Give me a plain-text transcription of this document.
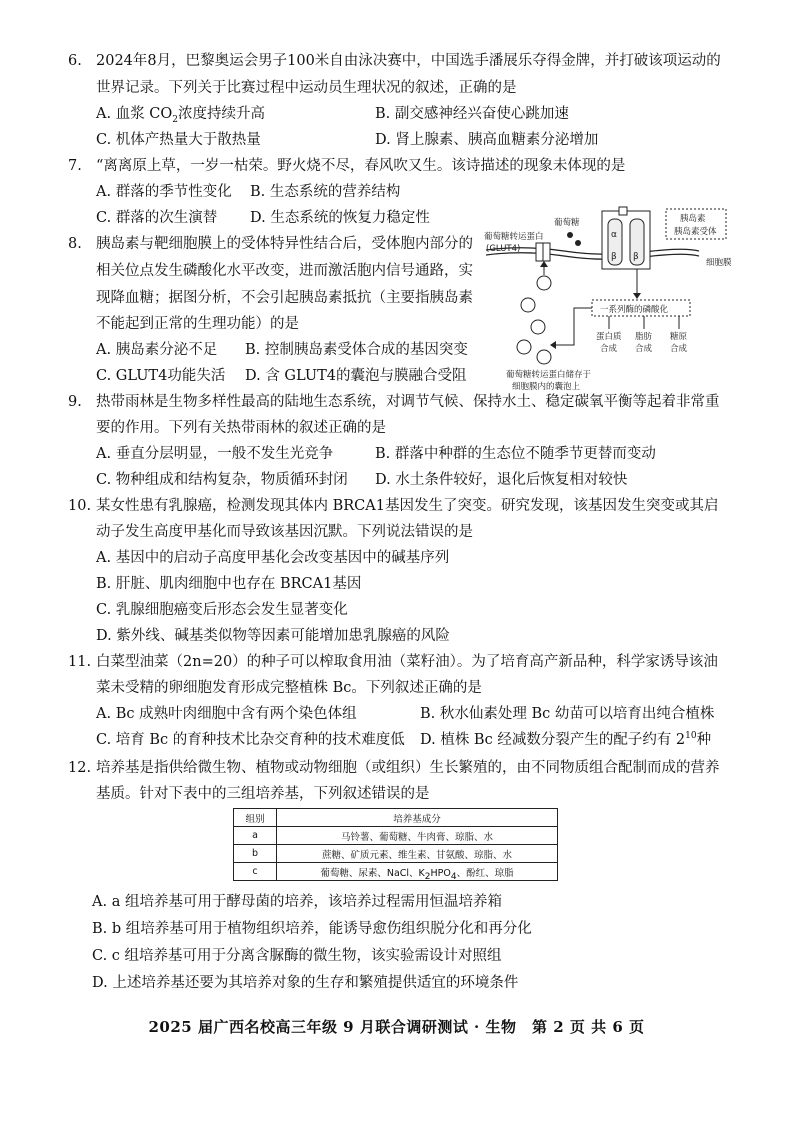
6. 2024年8月，巴黎奥运会男子100米自由泳决赛中，中国选手潘展乐夺得金牌，并打破该项运动的
世界记录。下列关于比赛过程中运动员生理状况的叙述，正确的是
A. 血浆 $CO_2$浓度持续升高	B. 副交感神经兴奋使心跳加速
C. 机体产热量大于散热量	D. 肾上腺素、胰高血糖素分泌增加
7. “离离原上草，一岁一枯荣。野火烧不尽，春风吹又生。该诗描述的现象未体现的是
A. 群落的季节性变化 B. 生态系统的营养结构
C. 群落的次生演替 D. 生态系统的恢复力稳定性
8. 胰岛素与靶细胞膜上的受体特异性结合后，受体胞内部分的
相关位点发生磷酸化水平改变，进而激活胞内信号通路，实
现降血糖；据图分析，不会引起胰岛素抵抗（主要指胰岛素
不能起到正常的生理功能）的是
A. 胰岛素分泌不足 B. 控制胰岛素受体合成的基因突变
C. GLUT4功能失活 D. 含 GLUT4的囊泡与膜融合受阻
α
β β
葡萄糖
葡萄糖转运蛋白
(GLUT4)
胰岛素
胰岛素受体
细胞膜
一系列酶的磷酸化
蛋白质
合成
脂肪
合成
糖原
合成
葡萄糖转运蛋白储存于
细胞膜内的囊泡上
9. 热带雨林是生物多样性最高的陆地生态系统，对调节气候、保持水土、稳定碳氧平衡等起着非常重
要的作用。下列有关热带雨林的叙述正确的是
A. 垂直分层明显，一般不发生光竞争	B. 群落中种群的生态位不随季节更替而变动
C. 物种组成和结构复杂，物质循环封闭 D. 水土条件较好，退化后恢复相对较快
10. 某女性患有乳腺癌，检测发现其体内 BRCA1基因发生了突变。研究发现，该基因发生突变或其启
动子发生高度甲基化而导致该基因沉默。下列说法错误的是
A. 基因中的启动子高度甲基化会改变基因中的碱基序列
B. 肝脏、肌肉细胞中也存在 BRCA1基因
C. 乳腺细胞癌变后形态会发生显著变化
D. 紫外线、碱基类似物等因素可能增加患乳腺癌的风险
11. 白菜型油菜（2n=20）的种子可以榨取食用油（菜籽油）。为了培育高产新品种，科学家诱导该油
菜未受精的卵细胞发育形成完整植株 Bc。下列叙述正确的是
A. Bc 成熟叶肉细胞中含有两个染色体组	B. 秋水仙素处理 Bc 幼苗可以培育出纯合植株
C. 培育 Bc 的育种技术比杂交育种的技术难度低 D. 植株 Bc 经减数分裂产生的配子约有 $2^{10}$种
12. 培养基是指供给微生物、植物或动物细胞（或组织）生长繁殖的，由不同物质组合配制而成的营养
基质。针对下表中的三组培养基，下列叙述错误的是
组别	培养基成分
a	马铃薯、葡萄糖、牛肉膏、琼脂、水
b	蔗糖、矿质元素、维生素、甘氨酸、琼脂、水
c	葡萄糖、尿素、NaCl、$K_2HPO_4$、酚红、琼脂
A. a 组培养基可用于酵母菌的培养，该培养过程需用恒温培养箱
B. b 组培养基可用于植物组织培养，能诱导愈伤组织脱分化和再分化
C. c 组培养基可用于分离含脲酶的微生物，该实验需设计对照组
D. 上述培养基还要为其培养对象的生存和繁殖提供适宜的环境条件
2025 届广西名校高三年级 9 月联合调研测试 · 生物　第 2 页 共 6 页
